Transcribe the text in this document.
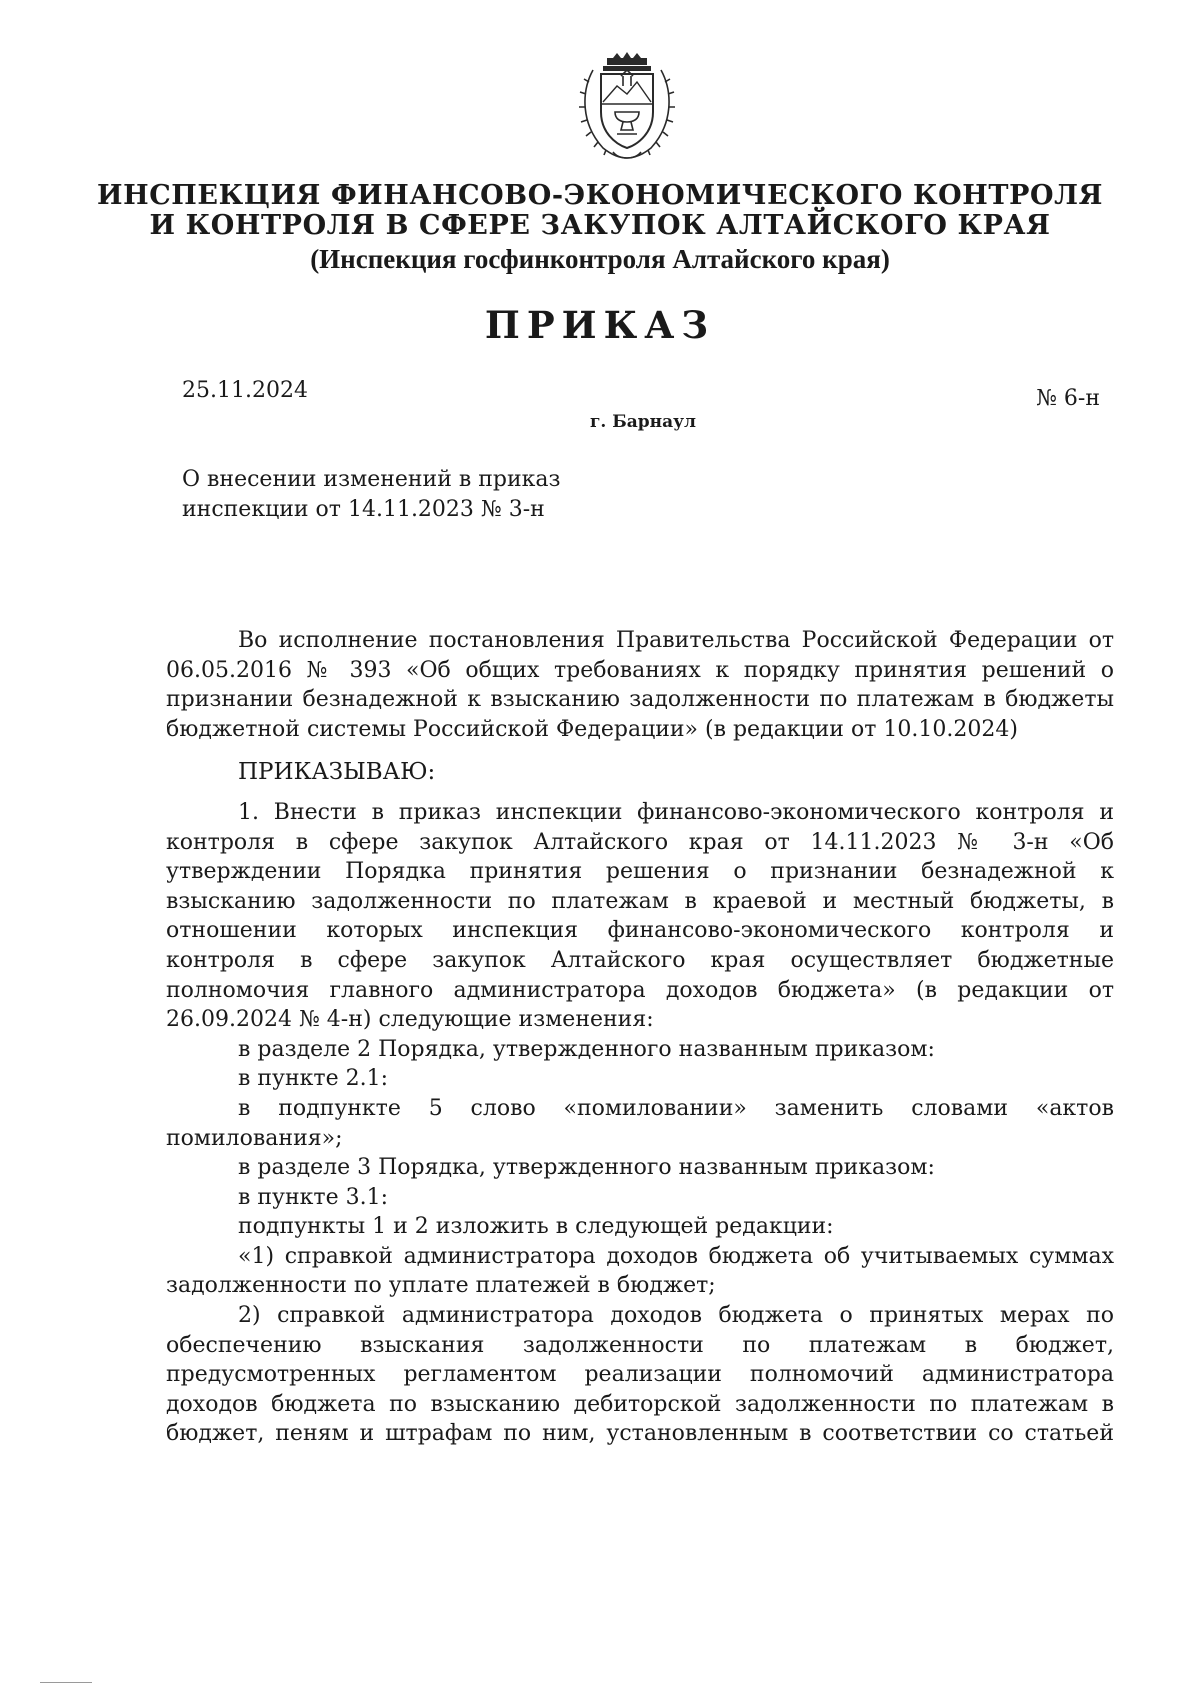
ИНСПЕКЦИЯ ФИНАНСОВО-ЭКОНОМИЧЕСКОГО КОНТРОЛЯ
И КОНТРОЛЯ В СФЕРЕ ЗАКУПОК АЛТАЙСКОГО КРАЯ
(Инспекция госфинконтроля Алтайского края)
ПРИКАЗ
25.11.2024	№ 6-н
г. Барнаул
О внесении изменений в приказ
инспекции от 14.11.2023 № 3-н

Во исполнение постановления Правительства Российской Федерации от 06.05.2016 № 393 «Об общих требованиях к порядку принятия решений о признании безнадежной к взысканию задолженности по платежам в бюджеты бюджетной системы Российской Федерации» (в редакции от 10.10.2024)

ПРИКАЗЫВАЮ:

1. Внести в приказ инспекции финансово-экономического контроля и контроля в сфере закупок Алтайского края от 14.11.2023 № 3-н «Об утверждении Порядка принятия решения о признании безнадежной к взысканию задолженности по платежам в краевой и местный бюджеты, в отношении которых инспекция финансово-экономического контроля и контроля в сфере закупок Алтайского края осуществляет бюджетные полномочия главного администратора доходов бюджета» (в редакции от 26.09.2024 № 4-н) следующие изменения:

в разделе 2 Порядка, утвержденного названным приказом:

в пункте 2.1:

в подпункте 5 слово «помиловании» заменить словами «актов помилования»;

в разделе 3 Порядка, утвержденного названным приказом:

в пункте 3.1:

подпункты 1 и 2 изложить в следующей редакции:

«1) справкой администратора доходов бюджета об учитываемых суммах задолженности по уплате платежей в бюджет;

2) справкой администратора доходов бюджета о принятых мерах по обеспечению взыскания задолженности по платежам в бюджет, предусмотренных регламентом реализации полномочий администратора доходов бюджета по взысканию дебиторской задолженности по платежам в бюджет, пеням и штрафам по ним, установленным в соответствии со статьей
